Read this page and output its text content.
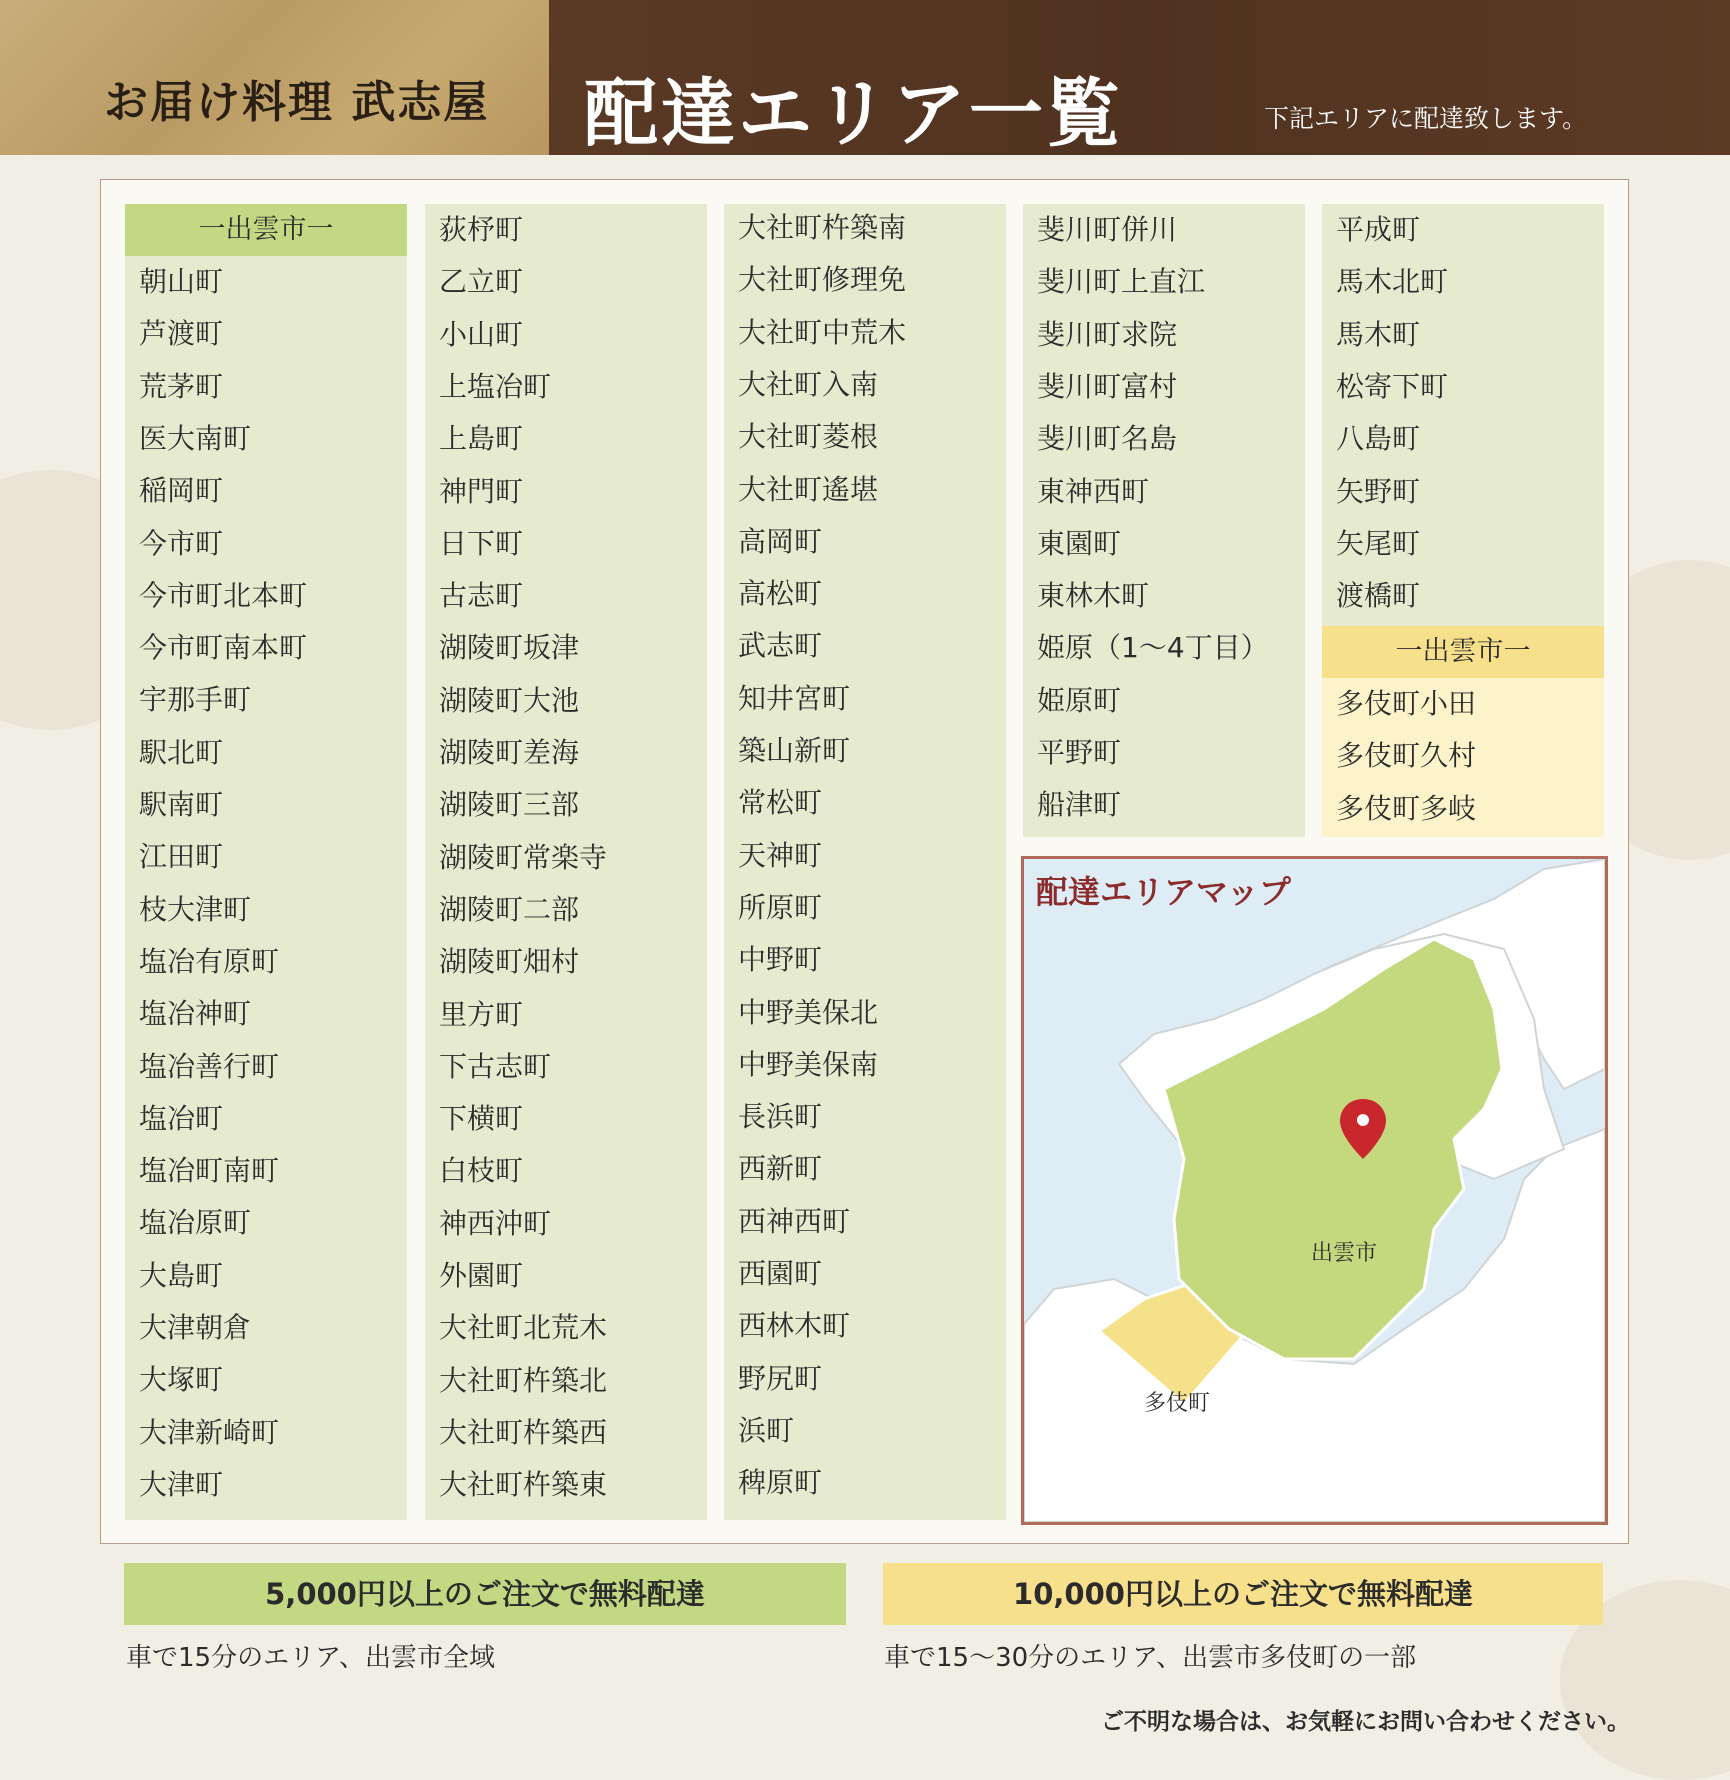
お届け料理 武志屋 配達エリア一覧	下記エリアに配達致します。
一出雲市一
朝山町
芦渡町
荒茅町
医大南町
稲岡町
今市町
今市町北本町
今市町南本町
宇那手町
駅北町
駅南町
江田町
枝大津町
塩冶有原町
塩冶神町
塩冶善行町
塩冶町
塩冶町南町
塩冶原町
大島町
大津朝倉
大塚町
大津新崎町
大津町
荻杼町
乙立町
小山町
上塩冶町
上島町
神門町
日下町
古志町
湖陵町坂津
湖陵町大池
湖陵町差海
湖陵町三部
湖陵町常楽寺
湖陵町二部
湖陵町畑村
里方町
下古志町
下横町
白枝町
神西沖町
外園町
大社町北荒木
大社町杵築北
大社町杵築西
大社町杵築東
大社町杵築南
大社町修理免
大社町中荒木
大社町入南
大社町菱根
大社町遙堪
高岡町
高松町
武志町
知井宮町
築山新町
常松町
天神町
所原町
中野町
中野美保北
中野美保南
長浜町
西新町
西神西町
西園町
西林木町
野尻町
浜町
稗原町
斐川町併川
斐川町上直江
斐川町求院
斐川町富村
斐川町名島
東神西町
東園町
東林木町
姫原（1～4丁目）
姫原町
平野町
船津町
平成町
馬木北町
馬木町
松寄下町
八島町
矢野町
矢尾町
渡橋町
一出雲市一
多伎町小田
多伎町久村
多伎町多岐
配達エリアマップ
出雲市
多伎町
5,000円以上のご注文で無料配達
車で15分のエリア、出雲市全域
10,000円以上のご注文で無料配達
車で15～30分のエリア、出雲市多伎町の一部
ご不明な場合は、お気軽にお問い合わせください。
